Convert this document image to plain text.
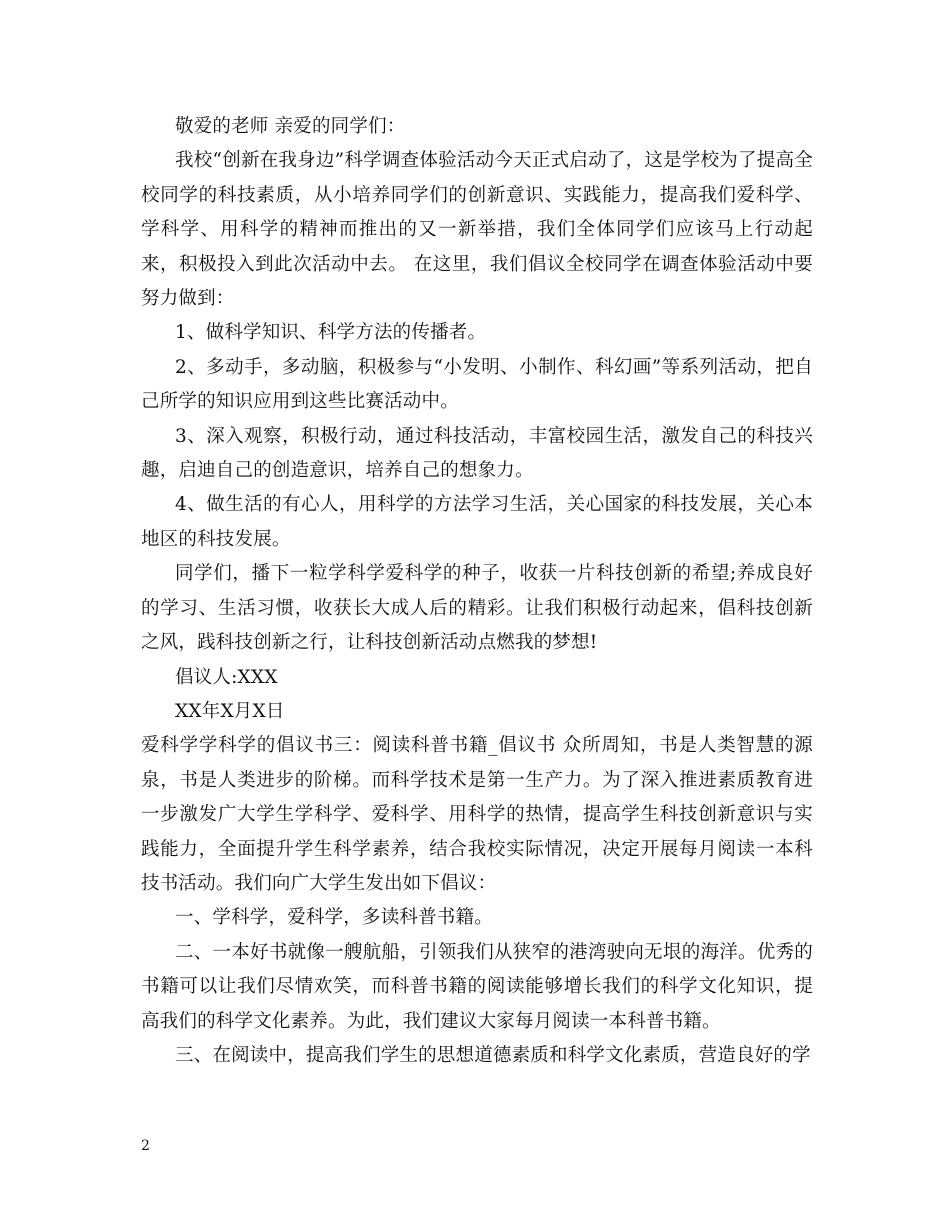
敬爱的老师 亲爱的同学们：

我校“创新在我身边”科学调查体验活动今天正式启动了，这是学校为了提高全校同学的科技素质，从小培养同学们的创新意识、实践能力，提高我们爱科学、学科学、用科学的精神而推出的又一新举措，我们全体同学们应该马上行动起来，积极投入到此次活动中去。 在这里，我们倡议全校同学在调查体验活动中要努力做到：

1、做科学知识、科学方法的传播者。

2、多动手，多动脑，积极参与“小发明、小制作、科幻画”等系列活动，把自己所学的知识应用到这些比赛活动中。

3、深入观察，积极行动，通过科技活动，丰富校园生活，激发自己的科技兴趣，启迪自己的创造意识，培养自己的想象力。

4、做生活的有心人，用科学的方法学习生活，关心国家的科技发展，关心本地区的科技发展。

同学们，播下一粒学科学爱科学的种子，收获一片科技创新的希望;养成良好的学习、生活习惯，收获长大成人后的精彩。让我们积极行动起来，倡科技创新之风，践科技创新之行，让科技创新活动点燃我的梦想!

倡议人:XXX

XX年X月X日

爱科学学科学的倡议书三：阅读科普书籍_倡议书 众所周知，书是人类智慧的源泉，书是人类进步的阶梯。而科学技术是第一生产力。为了深入推进素质教育进一步激发广大学生学科学、爱科学、用科学的热情，提高学生科技创新意识与实践能力，全面提升学生科学素养，结合我校实际情况，决定开展每月阅读一本科技书活动。我们向广大学生发出如下倡议：

一、学科学，爱科学，多读科普书籍。

二、一本好书就像一艘航船，引领我们从狭窄的港湾驶向无垠的海洋。优秀的书籍可以让我们尽情欢笑，而科普书籍的阅读能够增长我们的科学文化知识，提高我们的科学文化素养。为此，我们建议大家每月阅读一本科普书籍。

三、在阅读中，提高我们学生的思想道德素质和科学文化素质，营造良好的学

2
